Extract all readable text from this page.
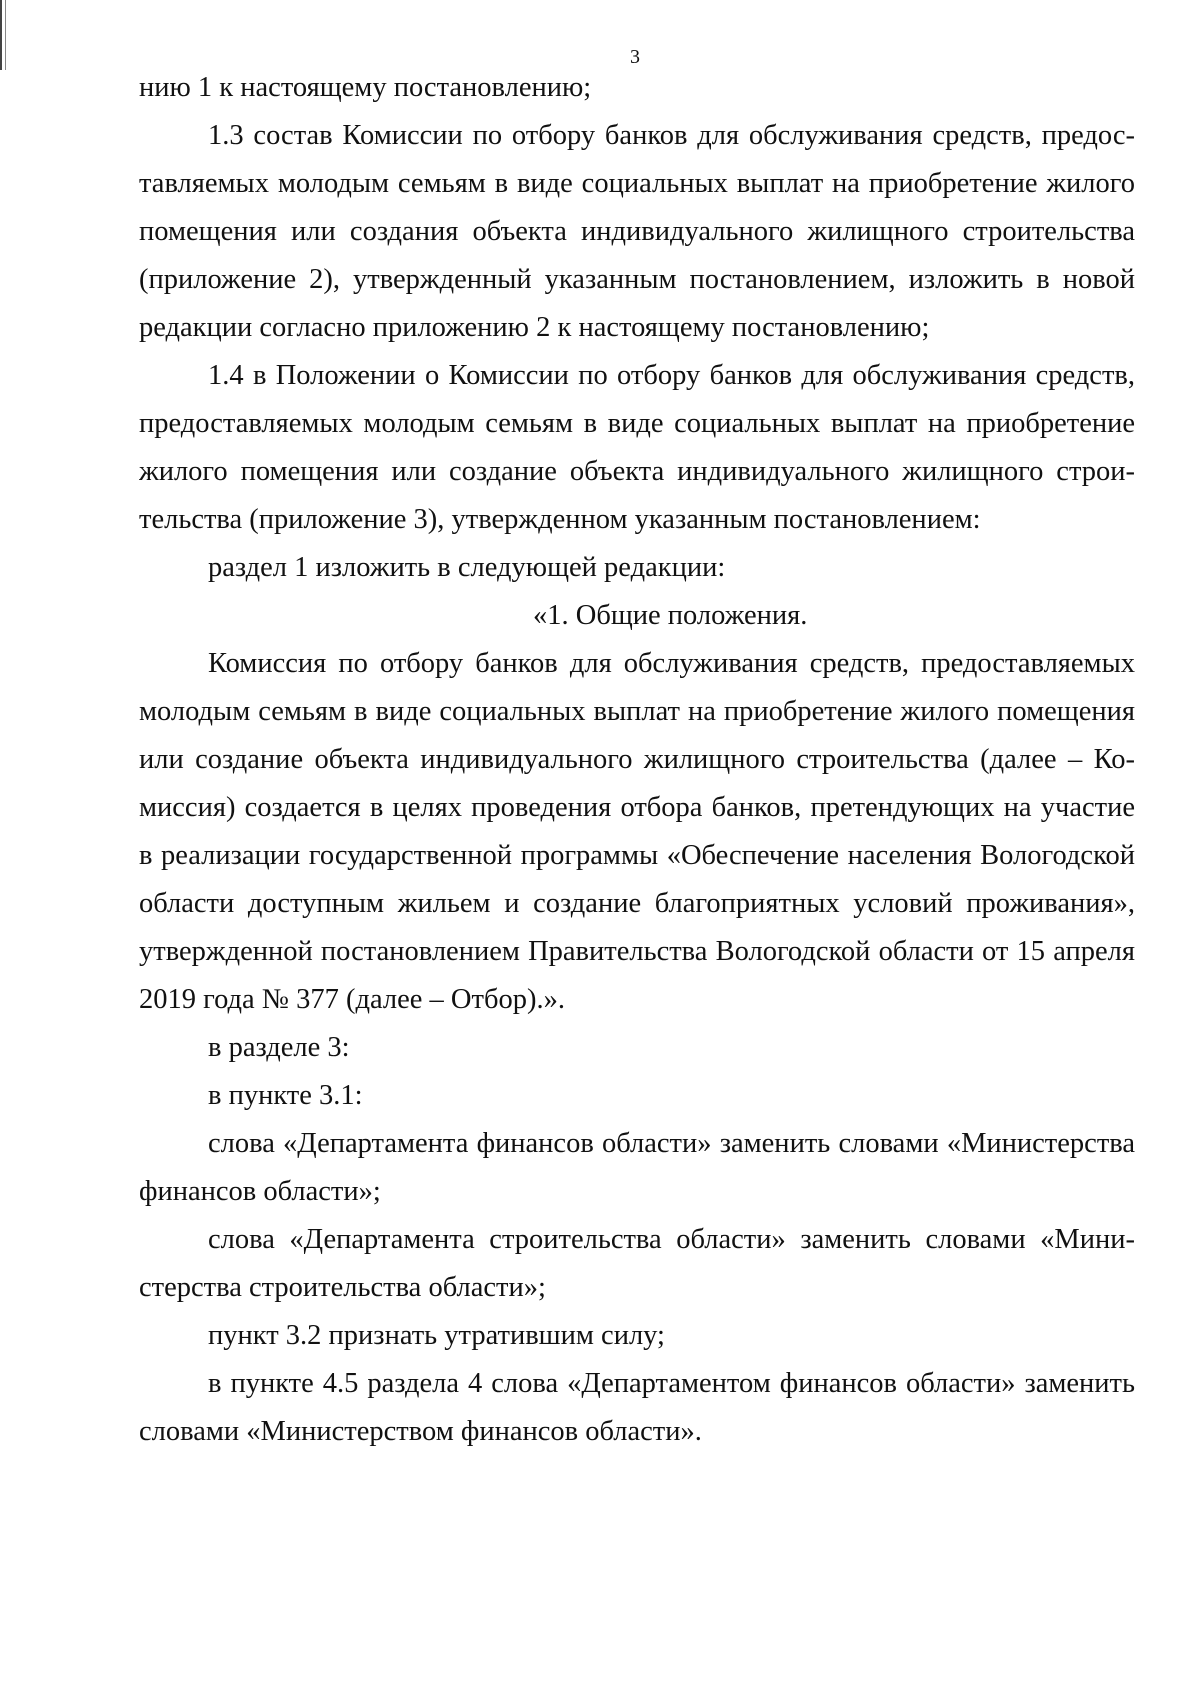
3
нию 1 к настоящему постановлению;
1.3 состав Комиссии по отбору банков для обслуживания средств, предос-
тавляемых молодым семьям в виде социальных выплат на приобретение жилого
помещения или создания объекта индивидуального жилищного строительства
(приложение 2), утвержденный указанным постановлением, изложить в новой
редакции согласно приложению 2 к настоящему постановлению;
1.4 в Положении о Комиссии по отбору банков для обслуживания средств,
предоставляемых молодым семьям в виде социальных выплат на приобретение
жилого помещения или создание объекта индивидуального жилищного строи-
тельства (приложение 3), утвержденном указанным постановлением:
раздел 1 изложить в следующей редакции:
«1. Общие положения.
Комиссия по отбору банков для обслуживания средств, предоставляемых
молодым семьям в виде социальных выплат на приобретение жилого помещения
или создание объекта индивидуального жилищного строительства (далее – Ко-
миссия) создается в целях проведения отбора банков, претендующих на участие
в реализации государственной программы «Обеспечение населения Вологодской
области доступным жильем и создание благоприятных условий проживания»,
утвержденной постановлением Правительства Вологодской области от 15 апреля
2019 года № 377 (далее – Отбор).».
в разделе 3:
в пункте 3.1:
слова «Департамента финансов области» заменить словами «Министерства
финансов области»;
слова «Департамента строительства области» заменить словами «Мини-
стерства строительства области»;
пункт 3.2 признать утратившим силу;
в пункте 4.5 раздела 4 слова «Департаментом финансов области» заменить
словами «Министерством финансов области».
